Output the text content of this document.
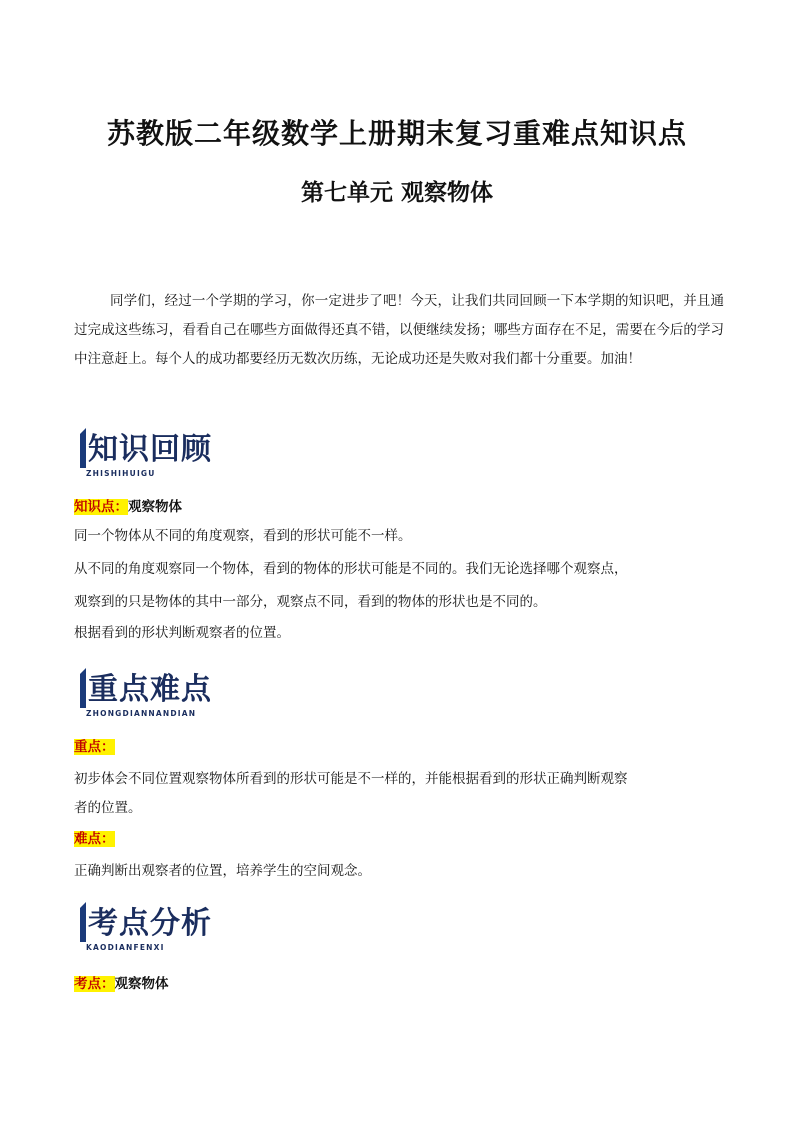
苏教版二年级数学上册期末复习重难点知识点
第七单元 观察物体

同学们，经过一个学期的学习，你一定进步了吧！今天，让我们共同回顾一下本学期的知识吧，并且通过完成这些练习，看看自己在哪些方面做得还真不错，以便继续发扬；哪些方面存在不足，需要在今后的学习中注意赶上。每个人的成功都要经历无数次历练，无论成功还是失败对我们都十分重要。加油！

知识回顾
ZHISHIHUIGU

知识点：观察物体

同一个物体从不同的角度观察，看到的形状可能不一样。

从不同的角度观察同一个物体，看到的物体的形状可能是不同的。我们无论选择哪个观察点，

观察到的只是物体的其中一部分，观察点不同，看到的物体的形状也是不同的。

根据看到的形状判断观察者的位置。

重点难点
ZHONGDIANNANDIAN

重点：

初步体会不同位置观察物体所看到的形状可能是不一样的，并能根据看到的形状正确判断观察

者的位置。

难点：

正确判断出观察者的位置，培养学生的空间观念。

考点分析
KAODIANFENXI

考点：观察物体
